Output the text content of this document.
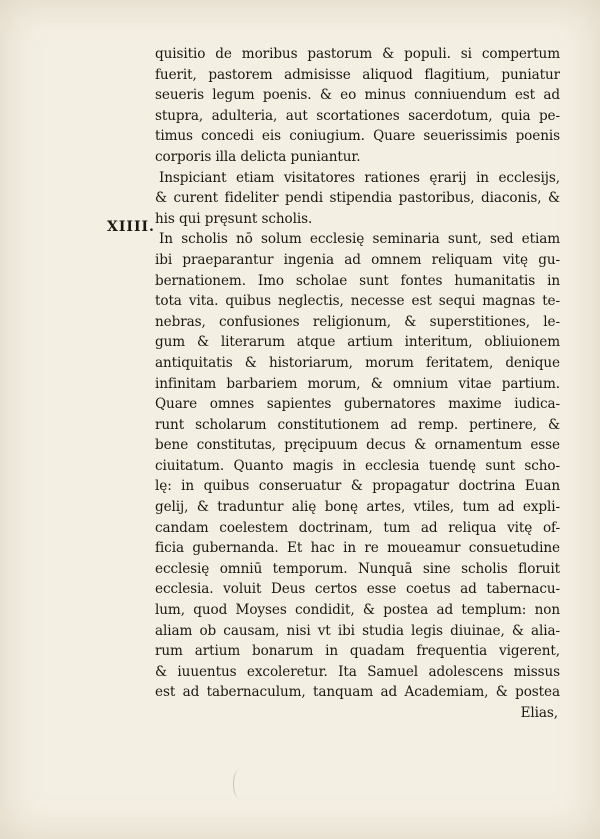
XIIII.
quisitio de moribus pastorum & populi. si compertum
fuerit, pastorem admisisse aliquod flagitium, puniatur
seueris legum poenis. & eo minus conniuendum est ad
stupra, adulteria, aut scortationes sacerdotum, quia pe-
timus concedi eis coniugium. Quare seuerissimis poenis
corporis illa delicta puniantur.
Inspiciant etiam visitatores rationes ęrarij in ecclesijs,
& curent fideliter pendi stipendia pastoribus, diaconis, &
his qui pręsunt scholis.
In scholis nō solum ecclesię seminaria sunt, sed etiam
ibi praeparantur ingenia ad omnem reliquam vitę gu-
bernationem. Imo scholae sunt fontes humanitatis in
tota vita. quibus neglectis, necesse est sequi magnas te-
nebras, confusiones religionum, & superstitiones, le-
gum & literarum atque artium interitum, obliuionem
antiquitatis & historiarum, morum feritatem, denique
infinitam barbariem morum, & omnium vitae partium.
Quare omnes sapientes gubernatores maxime iudica-
runt scholarum constitutionem ad remp. pertinere, &
bene constitutas, pręcipuum decus & ornamentum esse
ciuitatum. Quanto magis in ecclesia tuendę sunt scho-
lę: in quibus conseruatur & propagatur doctrina Euan
gelij, & traduntur alię bonę artes, vtiles, tum ad expli-
candam coelestem doctrinam, tum ad reliqua vitę of-
ficia gubernanda. Et hac in re moueamur consuetudine
ecclesię omniū temporum. Nunquā sine scholis floruit
ecclesia. voluit Deus certos esse coetus ad tabernacu-
lum, quod Moyses condidit, & postea ad templum: non
aliam ob causam, nisi vt ibi studia legis diuinae, & alia-
rum artium bonarum in quadam frequentia vigerent,
& iuuentus excoleretur. Ita Samuel adolescens missus
est ad tabernaculum, tanquam ad Academiam, & postea
Elias,
